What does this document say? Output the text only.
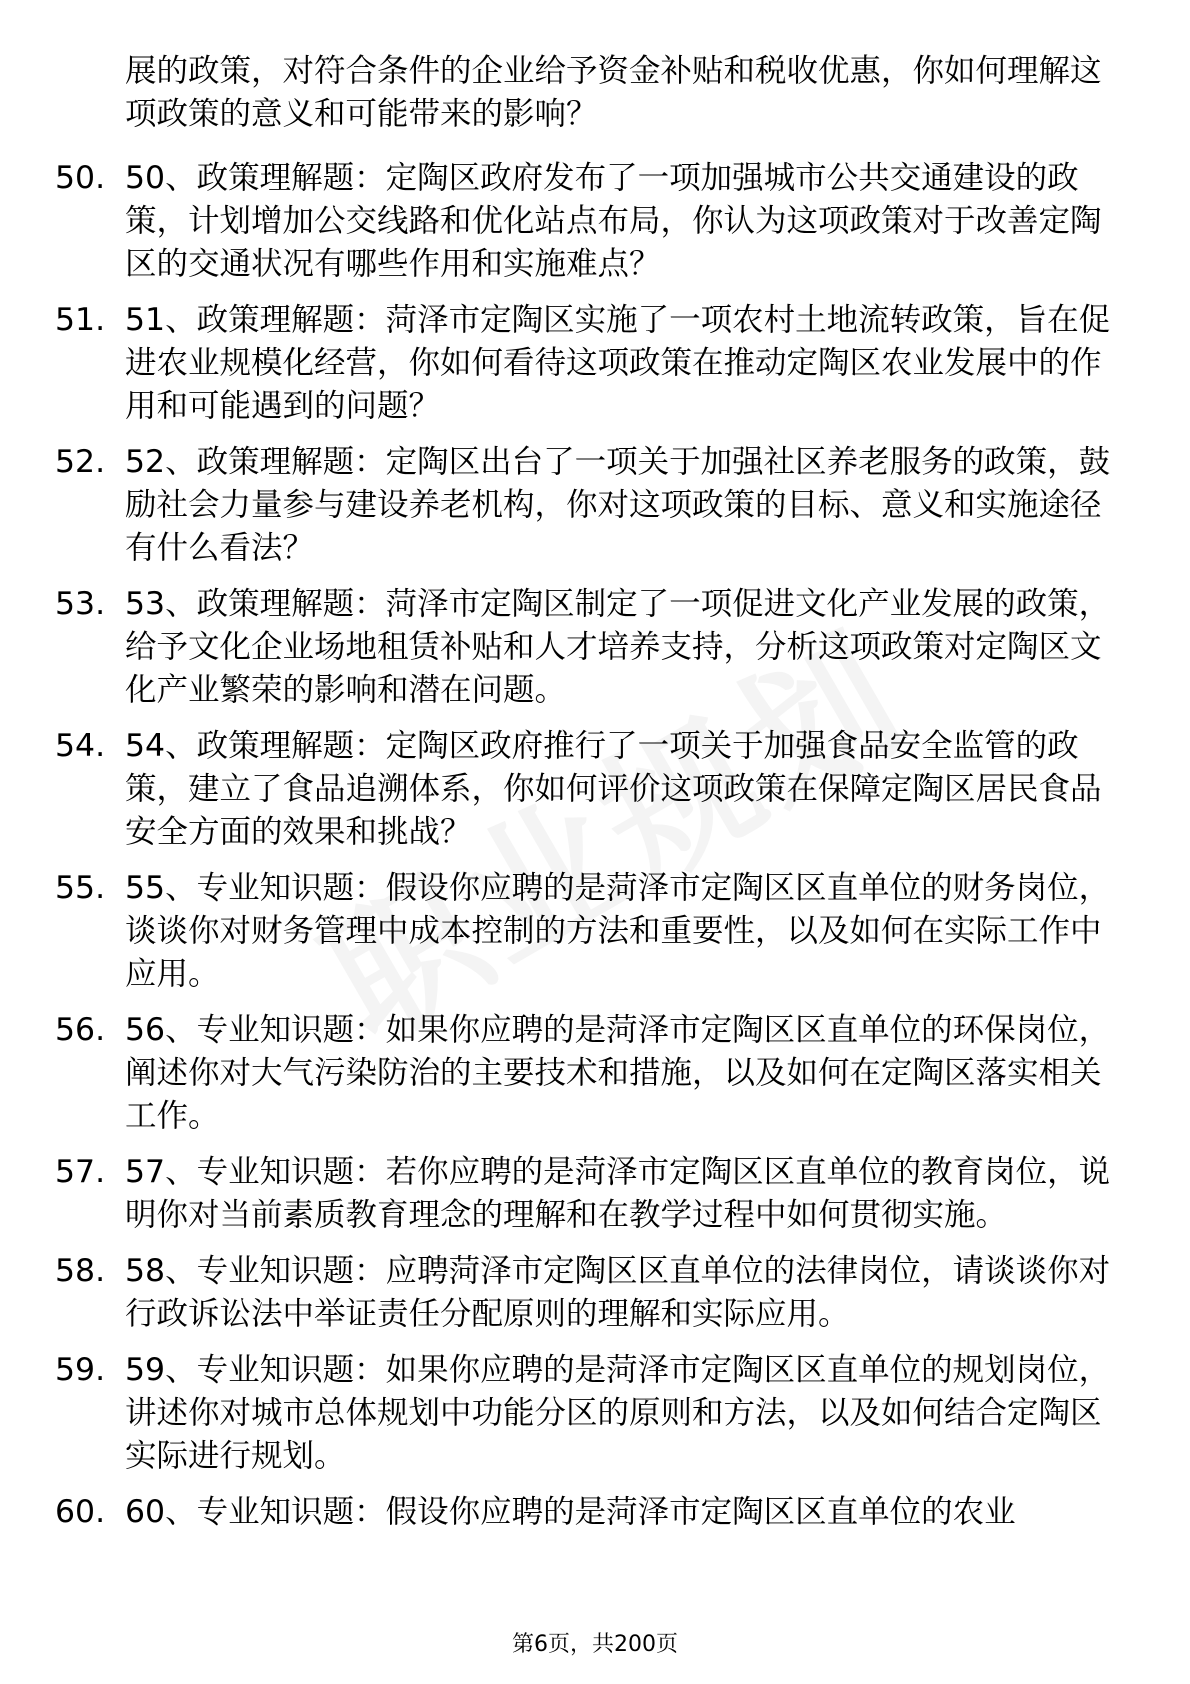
展的政策，对符合条件的企业给予资金补贴和税收优惠，你如何理解这项政策的意义和可能带来的影响？
50. 50、政策理解题：定陶区政府发布了一项加强城市公共交通建设的政策，计划增加公交线路和优化站点布局，你认为这项政策对于改善定陶区的交通状况有哪些作用和实施难点？
51. 51、政策理解题：菏泽市定陶区实施了一项农村土地流转政策，旨在促进农业规模化经营，你如何看待这项政策在推动定陶区农业发展中的作用和可能遇到的问题？
52. 52、政策理解题：定陶区出台了一项关于加强社区养老服务的政策，鼓励社会力量参与建设养老机构，你对这项政策的目标、意义和实施途径有什么看法？
53. 53、政策理解题：菏泽市定陶区制定了一项促进文化产业发展的政策，给予文化企业场地租赁补贴和人才培养支持，分析这项政策对定陶区文化产业繁荣的影响和潜在问题。
54. 54、政策理解题：定陶区政府推行了一项关于加强食品安全监管的政策，建立了食品追溯体系，你如何评价这项政策在保障定陶区居民食品安全方面的效果和挑战？
55. 55、专业知识题：假设你应聘的是菏泽市定陶区区直单位的财务岗位，谈谈你对财务管理中成本控制的方法和重要性，以及如何在实际工作中应用。
56. 56、专业知识题：如果你应聘的是菏泽市定陶区区直单位的环保岗位，阐述你对大气污染防治的主要技术和措施，以及如何在定陶区落实相关工作。
57. 57、专业知识题：若你应聘的是菏泽市定陶区区直单位的教育岗位，说明你对当前素质教育理念的理解和在教学过程中如何贯彻实施。
58. 58、专业知识题：应聘菏泽市定陶区区直单位的法律岗位，请谈谈你对行政诉讼法中举证责任分配原则的理解和实际应用。
59. 59、专业知识题：如果你应聘的是菏泽市定陶区区直单位的规划岗位，讲述你对城市总体规划中功能分区的原则和方法，以及如何结合定陶区实际进行规划。
60. 60、专业知识题：假设你应聘的是菏泽市定陶区区直单位的农业
第6页，共200页
